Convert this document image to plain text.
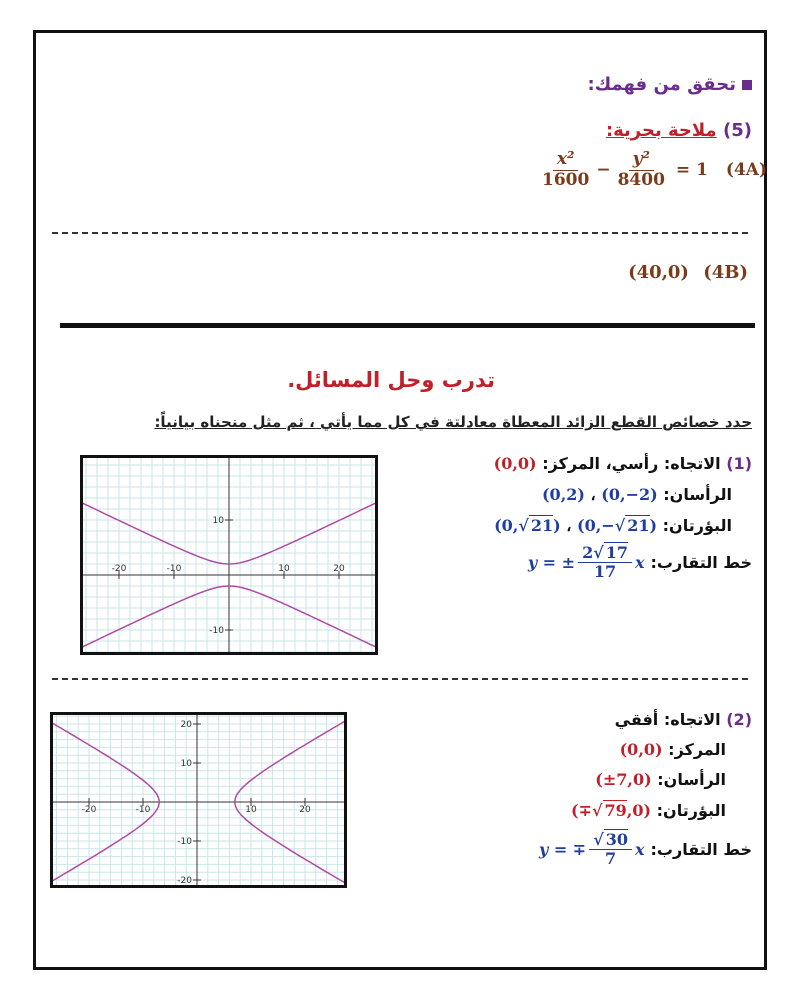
تحقق من فهمك:
(5) ملاحة بحرية:
$\frac{\text{x²}}{1600} - \frac{\text{y²}}{8400} = 1$ (4A)
(40,0) (4B)
تدرب وحل المسائل.
حدد خصائص القطع الزائد المعطاة معادلتة في كل مما يأتي ، ثم مثل منحناه بيانياً:
-20	-10	10	20
10
-10
(1) الاتجاه: رأسي، المركز: (0,0)
الرأسان: (0,2) ، (0,−2)
البؤرتان: (0,√ 21) ، (0,−√ 21)
y = ± $\frac{2√ 17}{17}$ x خط التقارب:
-20	-10	10	20
20
10
-10
-20
(2) الاتجاه: أفقي
المركز: (0,0)
الرأسان: (±7,0)
البؤرتان: (∓√ 79,0)
y = ∓ $\frac{√ 30}{7}$ x خط التقارب:
